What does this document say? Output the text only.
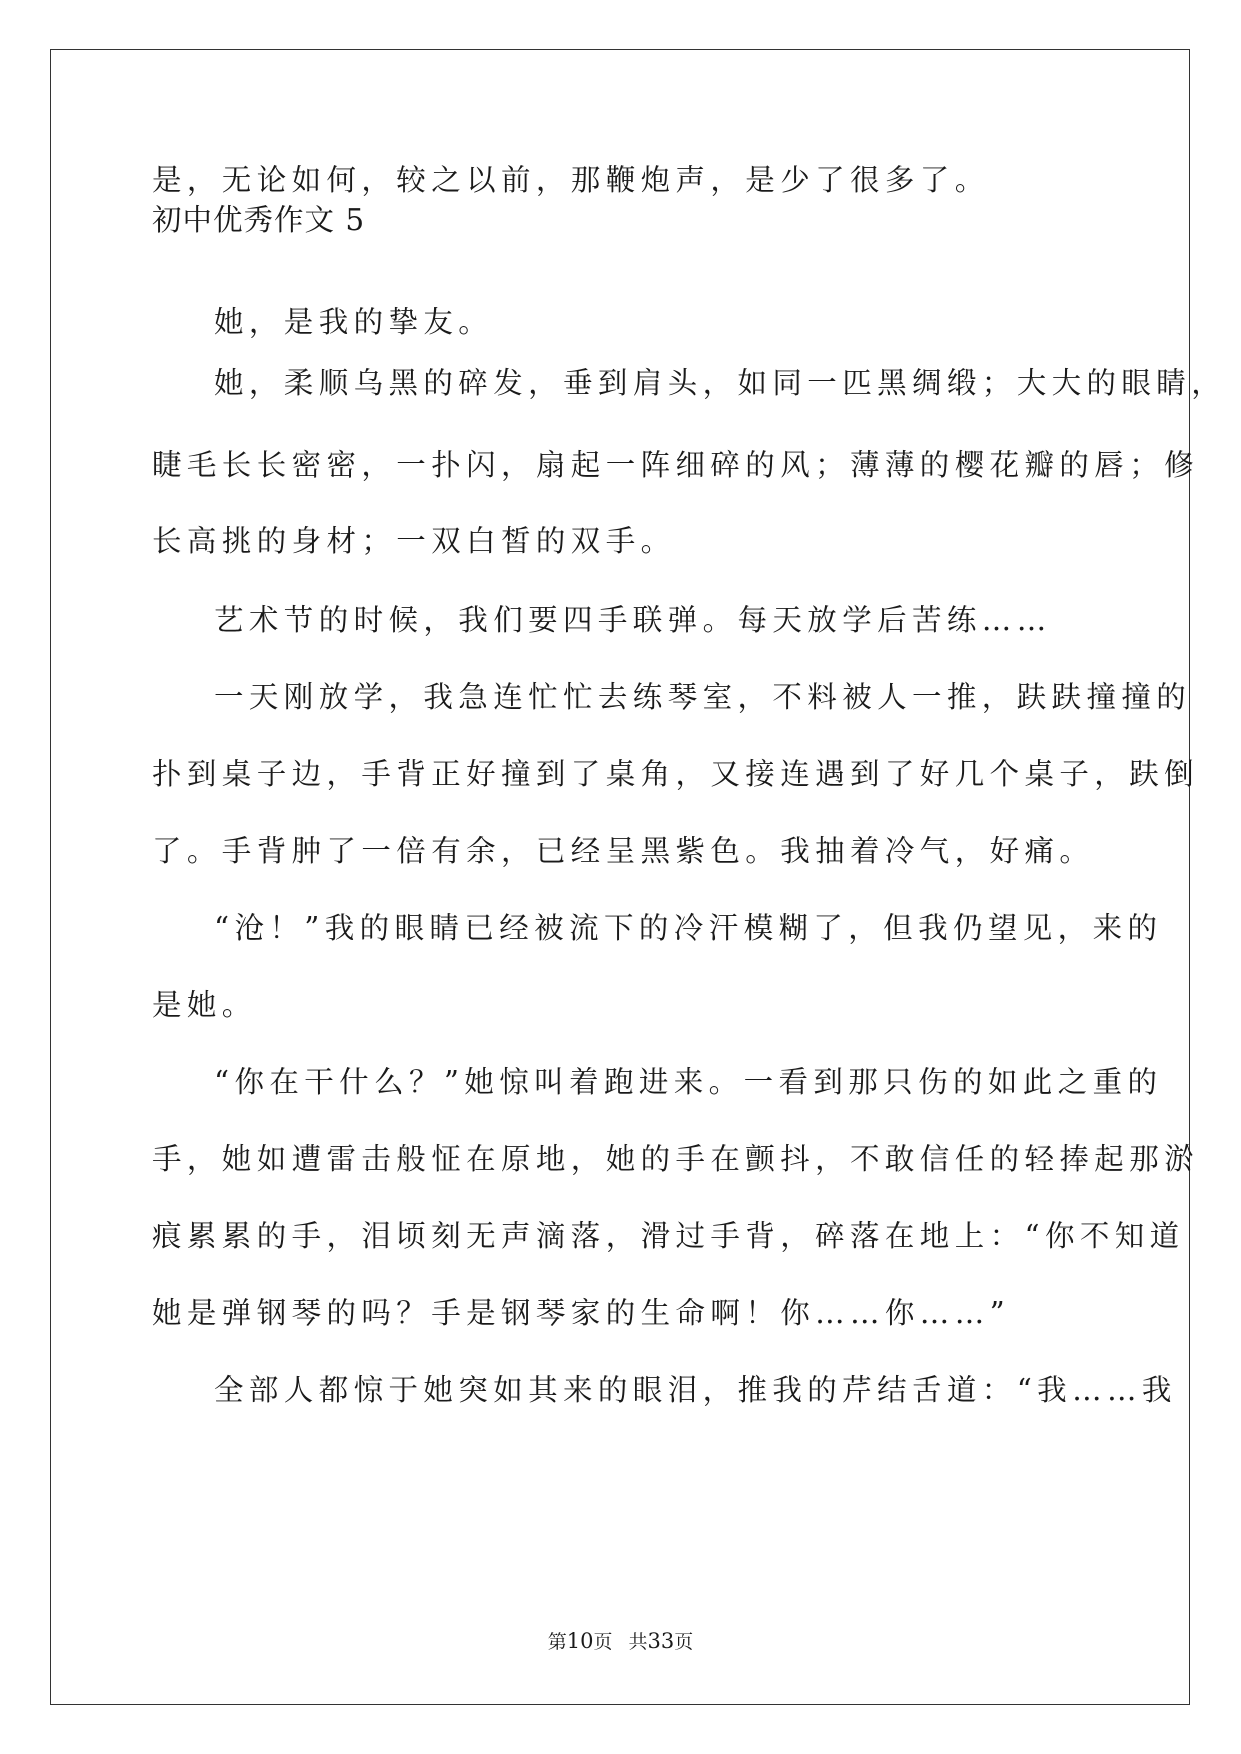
是，无论如何，较之以前，那鞭炮声，是少了很多了。
初中优秀作文 5
她，是我的挚友。
她，柔顺乌黑的碎发，垂到肩头，如同一匹黑绸缎；大大的眼睛，
睫毛长长密密，一扑闪，扇起一阵细碎的风；薄薄的樱花瓣的唇；修
长高挑的身材；一双白皙的双手。
艺术节的时候，我们要四手联弹。每天放学后苦练……
一天刚放学，我急连忙忙去练琴室，不料被人一推，趺趺撞撞的
扑到桌子边，手背正好撞到了桌角，又接连遇到了好几个桌子，趺倒
了。手背肿了一倍有余，已经呈黑紫色。我抽着冷气，好痛。
“沧！”我的眼睛已经被流下的冷汗模糊了，但我仍望见，来的
是她。
“你在干什么？”她惊叫着跑进来。一看到那只伤的如此之重的
手，她如遭雷击般怔在原地，她的手在颤抖，不敢信任的轻捧起那淤
痕累累的手，泪顷刻无声滴落，滑过手背，碎落在地上：“你不知道
她是弹钢琴的吗？手是钢琴家的生命啊！你……你……”
全部人都惊于她突如其来的眼泪，推我的芹结舌道：“我……我
第10页 共33页
